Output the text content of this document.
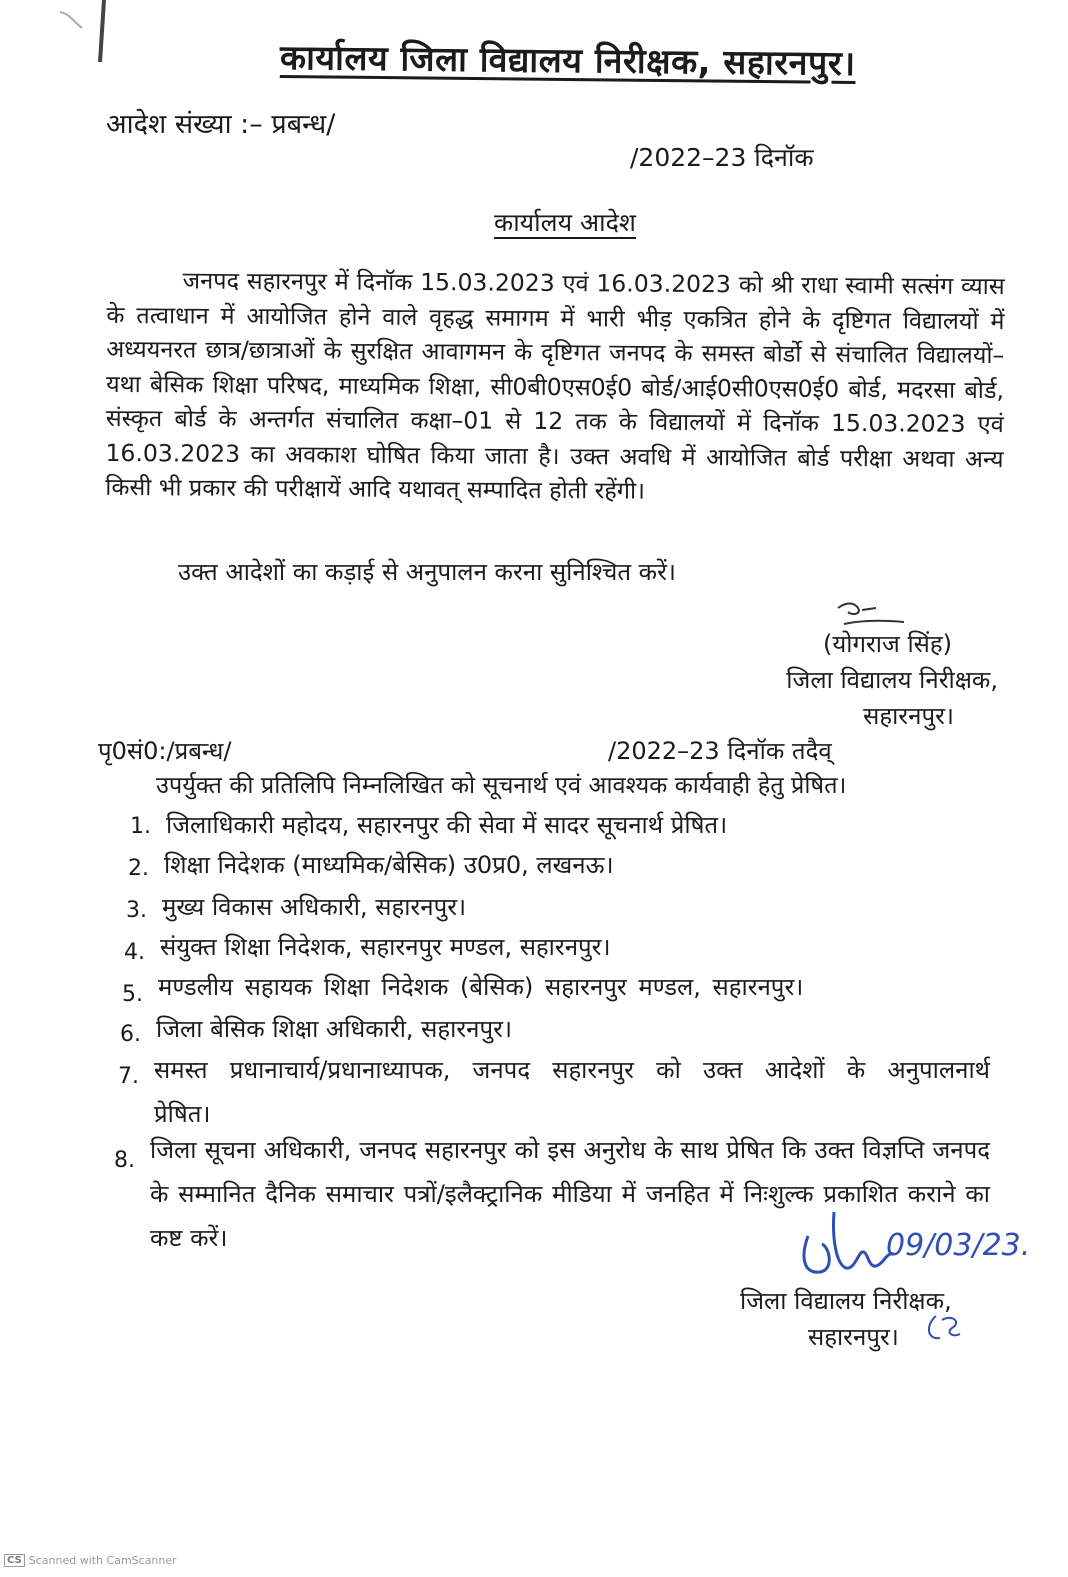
कार्यालय जिला विद्यालय निरीक्षक, सहारनपुर।
आदेश संख्या :– प्रबन्ध/
/2022–23 दिनॉक
कार्यालय आदेश
जनपद सहारनपुर में दिनॉक 15.03.2023 एवं 16.03.2023 को श्री राधा स्वामी सत्संग व्यास के तत्वाधान में आयोजित होने वाले वृहद्ध समागम में भारी भीड़ एकत्रित होने के दृष्टिगत विद्यालयों में अध्ययनरत छात्र/छात्राओं के सुरक्षित आवागमन के दृष्टिगत जनपद के समस्त बोर्डो से संचालित विद्यालयों– यथा बेसिक शिक्षा परिषद, माध्यमिक शिक्षा, सी0बी0एस0ई0 बोर्ड/आई0सी0एस0ई0 बोर्ड, मदरसा बोर्ड, संस्कृत बोर्ड के अन्तर्गत संचालित कक्षा–01 से 12 तक के विद्यालयों में दिनॉक 15.03.2023 एवं 16.03.2023 का अवकाश घोषित किया जाता है। उक्त अवधि में आयोजित बोर्ड परीक्षा अथवा अन्य किसी भी प्रकार की परीक्षायें आदि यथावत् सम्पादित होती रहेंगी।
उक्त आदेशों का कड़ाई से अनुपालन करना सुनिश्चित करें।
(योगराज सिंह)
जिला विद्यालय निरीक्षक,
सहारनपुर।
पृ0सं0:/प्रबन्ध/	/2022–23 दिनॉक तदैव्
उपर्युक्त की प्रतिलिपि निम्नलिखित को सूचनार्थ एवं आवश्यक कार्यवाही हेतु प्रेषित।
1. जिलाधिकारी महोदय, सहारनपुर की सेवा में सादर सूचनार्थ प्रेषित।
2. शिक्षा निदेशक (माध्यमिक/बेसिक) उ0प्र0, लखनऊ।
3. मुख्य विकास अधिकारी, सहारनपुर।
4. संयुक्त शिक्षा निदेशक, सहारनपुर मण्डल, सहारनपुर।
5. मण्डलीय सहायक शिक्षा निदेशक (बेसिक) सहारनपुर मण्डल, सहारनपुर।
6. जिला बेसिक शिक्षा अधिकारी, सहारनपुर।
7. समस्त प्रधानाचार्य/प्रधानाध्यापक, जनपद सहारनपुर को उक्त आदेशों के अनुपालनार्थ प्रेषित।
8. जिला सूचना अधिकारी, जनपद सहारनपुर को इस अनुरोध के साथ प्रेषित कि उक्त विज्ञप्ति जनपद के सम्मानित दैनिक समाचार पत्रों/इलैक्ट्रानिक मीडिया में जनहित में निःशुल्क प्रकाशित कराने का कष्ट करें।	09/03/23.
जिला विद्यालय निरीक्षक,
सहारनपुर।
CS Scanned with CamScanner
